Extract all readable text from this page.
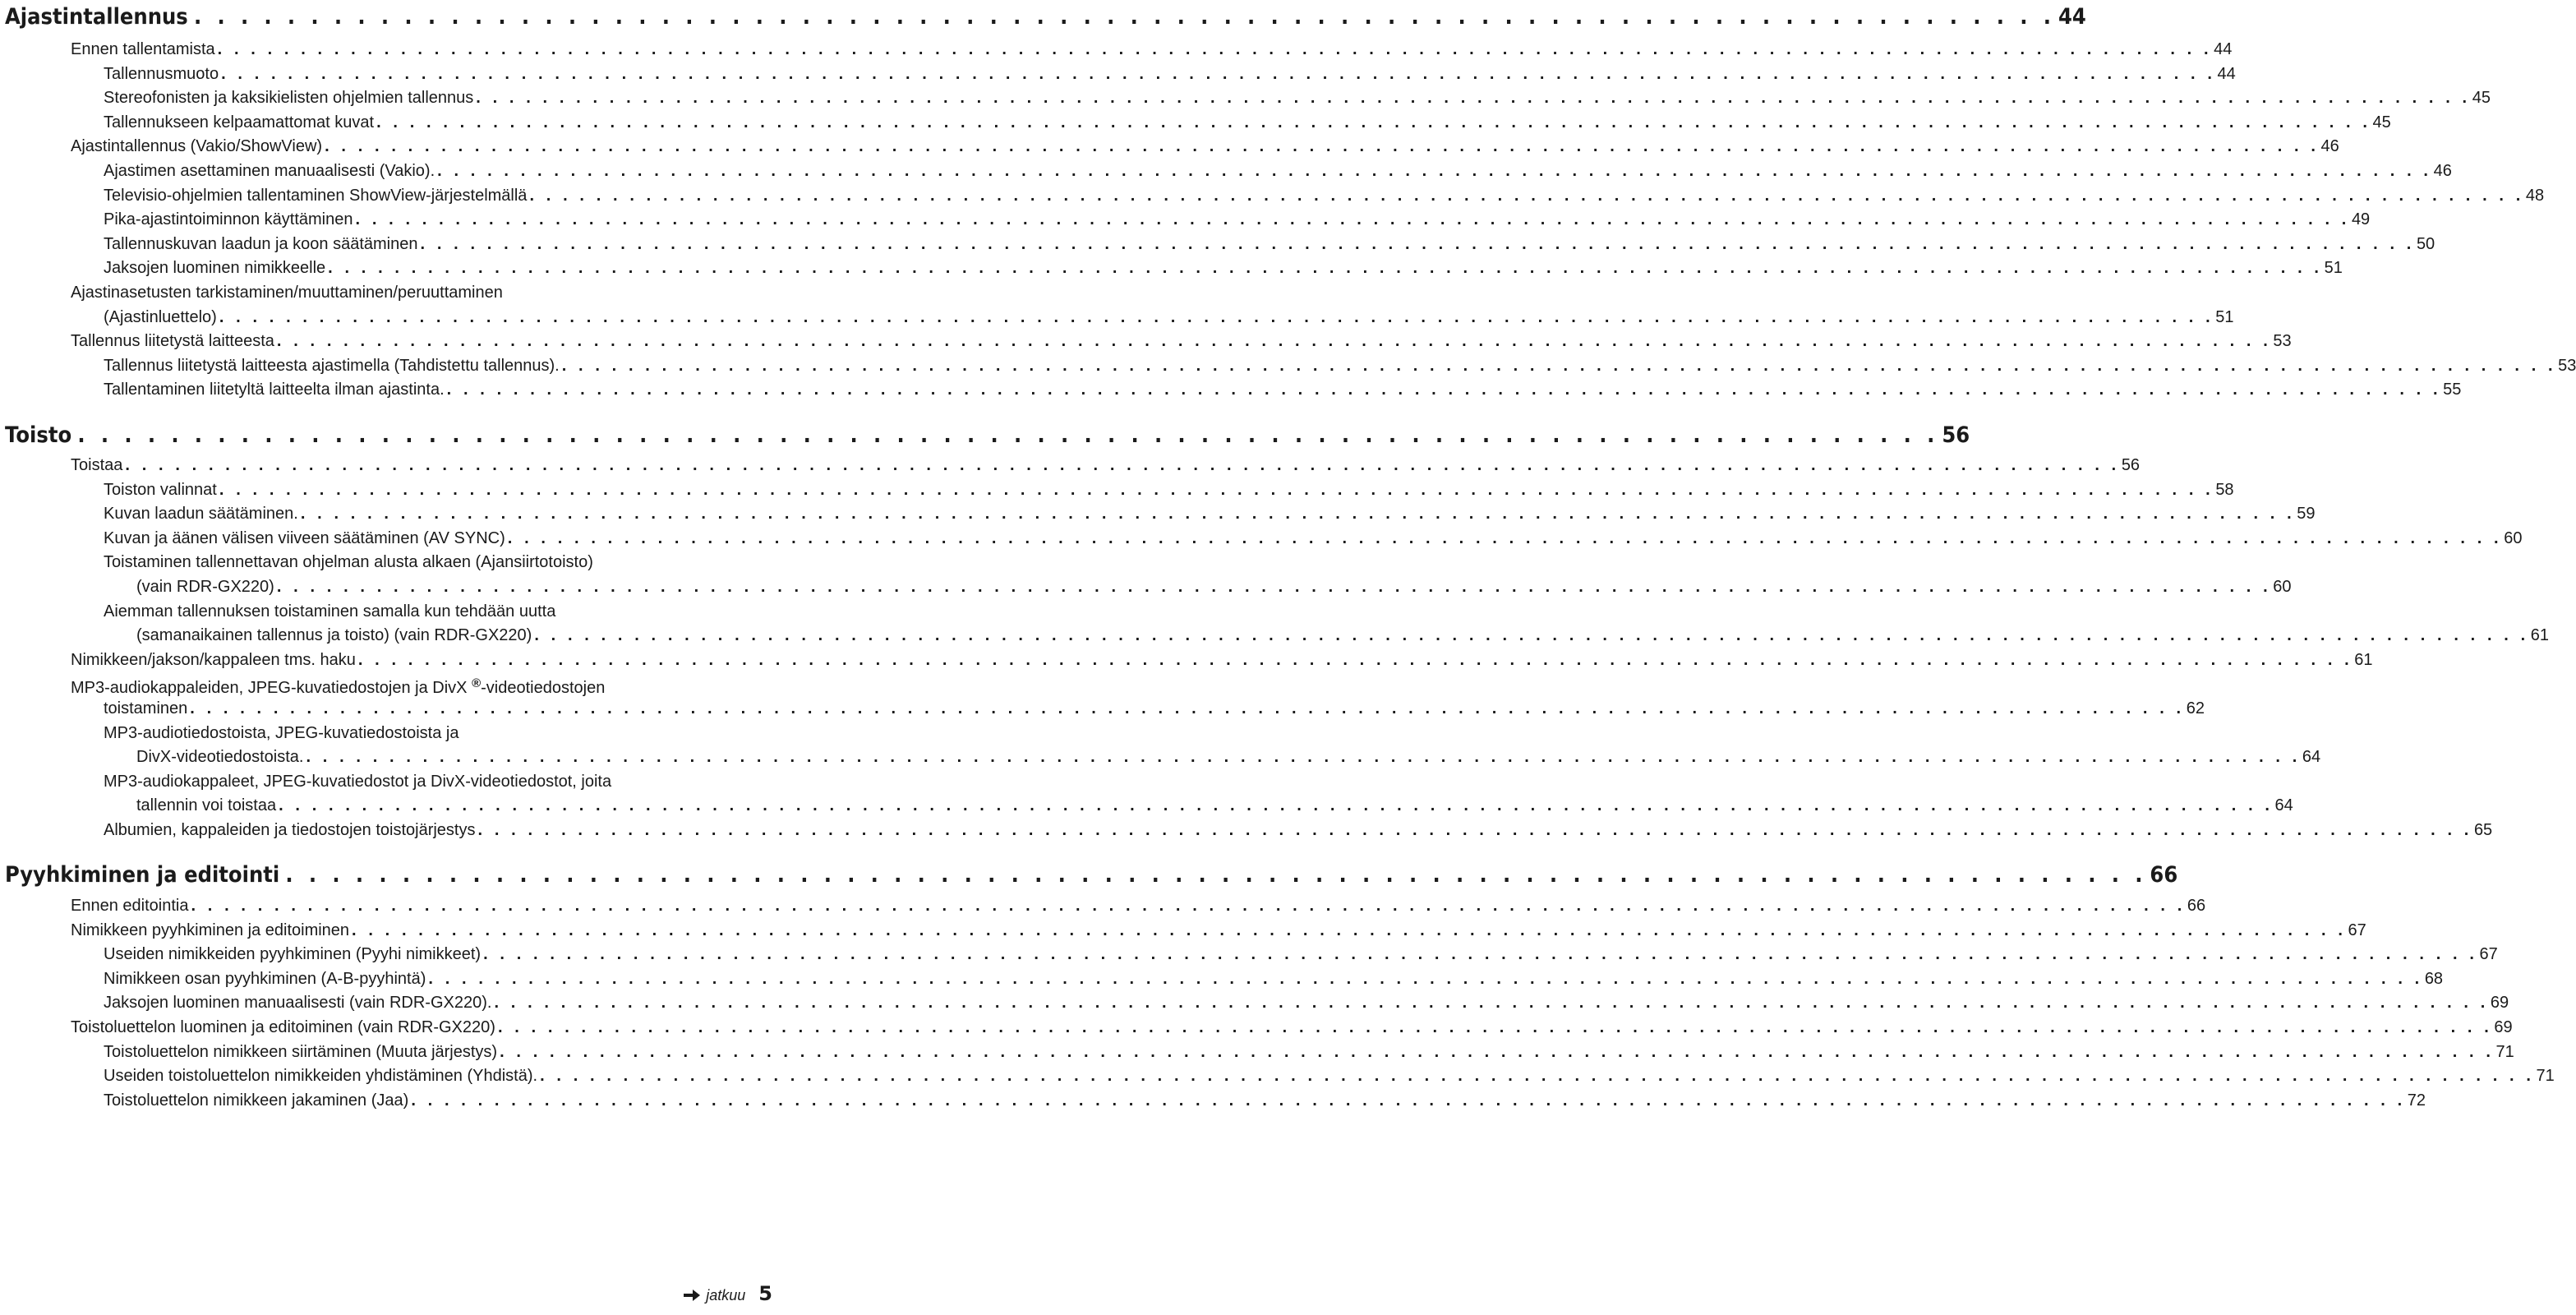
Ajastintallennus . . . . . . . . . . . . . . . . . . . . . . . . . . . . . . . . . . . . . . . . . . . . . . . . . . . . . . . . . . . . . . . . . . . . . . . . . . . . . . . . 44
Ennen tallentamista . . . . . . . . . . . . . . . . . . . . . . . . . . . . . . . . . . . . . . . . . . . . . . . . . . . . . . . . . . . . . . . . . . . . . . . . . . . . . . . . . . . . . . . . . . . . . . . . . . . . . . . . . . . . . . . . . . . . . . . . 44
Tallennusmuoto . . . . . . . . . . . . . . . . . . . . . . . . . . . . . . . . . . . . . . . . . . . . . . . . . . . . . . . . . . . . . . . . . . . . . . . . . . . . . . . . . . . . . . . . . . . . . . . . . . . . . . . . . . . . . . . . . . . . . . . . 44
Stereofonisten ja kaksikielisten ohjelmien tallennus . . . . . . . . . . . . . . . . . . . . . . . . . . . . . . . . . . . . . . . . . . . . . . . . . . . . . . . . . . . . . . . . . . . . . . . . . . . . . . . . . . . . . . . . . . . . . . . . . . . . . . . . . . . . . . . . . . . . . . . . 45
Tallennukseen kelpaamattomat kuvat . . . . . . . . . . . . . . . . . . . . . . . . . . . . . . . . . . . . . . . . . . . . . . . . . . . . . . . . . . . . . . . . . . . . . . . . . . . . . . . . . . . . . . . . . . . . . . . . . . . . . . . . . . . . . . . . . . . . . . . . 45
Ajastintallennus (Vakio/ShowView) . . . . . . . . . . . . . . . . . . . . . . . . . . . . . . . . . . . . . . . . . . . . . . . . . . . . . . . . . . . . . . . . . . . . . . . . . . . . . . . . . . . . . . . . . . . . . . . . . . . . . . . . . . . . . . . . . . . . . . . . 46
Ajastimen asettaminen manuaalisesti (Vakio). . . . . . . . . . . . . . . . . . . . . . . . . . . . . . . . . . . . . . . . . . . . . . . . . . . . . . . . . . . . . . . . . . . . . . . . . . . . . . . . . . . . . . . . . . . . . . . . . . . . . . . . . . . . . . . . . . . . . . . . . 46
Televisio-ohjelmien tallentaminen ShowView-järjestelmällä . . . . . . . . . . . . . . . . . . . . . . . . . . . . . . . . . . . . . . . . . . . . . . . . . . . . . . . . . . . . . . . . . . . . . . . . . . . . . . . . . . . . . . . . . . . . . . . . . . . . . . . . . . . . . . . . . . . . . . . . 48
Pika-ajastintoiminnon käyttäminen . . . . . . . . . . . . . . . . . . . . . . . . . . . . . . . . . . . . . . . . . . . . . . . . . . . . . . . . . . . . . . . . . . . . . . . . . . . . . . . . . . . . . . . . . . . . . . . . . . . . . . . . . . . . . . . . . . . . . . . . 49
Tallennuskuvan laadun ja koon säätäminen . . . . . . . . . . . . . . . . . . . . . . . . . . . . . . . . . . . . . . . . . . . . . . . . . . . . . . . . . . . . . . . . . . . . . . . . . . . . . . . . . . . . . . . . . . . . . . . . . . . . . . . . . . . . . . . . . . . . . . . . 50
Jaksojen luominen nimikkeelle . . . . . . . . . . . . . . . . . . . . . . . . . . . . . . . . . . . . . . . . . . . . . . . . . . . . . . . . . . . . . . . . . . . . . . . . . . . . . . . . . . . . . . . . . . . . . . . . . . . . . . . . . . . . . . . . . . . . . . . . 51
Ajastinasetusten tarkistaminen/muuttaminen/peruuttaminen
(Ajastinluettelo) . . . . . . . . . . . . . . . . . . . . . . . . . . . . . . . . . . . . . . . . . . . . . . . . . . . . . . . . . . . . . . . . . . . . . . . . . . . . . . . . . . . . . . . . . . . . . . . . . . . . . . . . . . . . . . . . . . . . . . . . 51
Tallennus liitetystä laitteesta . . . . . . . . . . . . . . . . . . . . . . . . . . . . . . . . . . . . . . . . . . . . . . . . . . . . . . . . . . . . . . . . . . . . . . . . . . . . . . . . . . . . . . . . . . . . . . . . . . . . . . . . . . . . . . . . . . . . . . . . 53
Tallennus liitetystä laitteesta ajastimella (Tahdistettu tallennus). . . . . . . . . . . . . . . . . . . . . . . . . . . . . . . . . . . . . . . . . . . . . . . . . . . . . . . . . . . . . . . . . . . . . . . . . . . . . . . . . . . . . . . . . . . . . . . . . . . . . . . . . . . . . . . . . . . . . . . . . 53
Tallentaminen liitetyltä laitteelta ilman ajastinta. . . . . . . . . . . . . . . . . . . . . . . . . . . . . . . . . . . . . . . . . . . . . . . . . . . . . . . . . . . . . . . . . . . . . . . . . . . . . . . . . . . . . . . . . . . . . . . . . . . . . . . . . . . . . . . . . . . . . . . . . 55
Toisto . . . . . . . . . . . . . . . . . . . . . . . . . . . . . . . . . . . . . . . . . . . . . . . . . . . . . . . . . . . . . . . . . . . . . . . . . . . . . . . . 56
Toistaa . . . . . . . . . . . . . . . . . . . . . . . . . . . . . . . . . . . . . . . . . . . . . . . . . . . . . . . . . . . . . . . . . . . . . . . . . . . . . . . . . . . . . . . . . . . . . . . . . . . . . . . . . . . . . . . . . . . . . . . . 56
Toiston valinnat . . . . . . . . . . . . . . . . . . . . . . . . . . . . . . . . . . . . . . . . . . . . . . . . . . . . . . . . . . . . . . . . . . . . . . . . . . . . . . . . . . . . . . . . . . . . . . . . . . . . . . . . . . . . . . . . . . . . . . . . 58
Kuvan laadun säätäminen. . . . . . . . . . . . . . . . . . . . . . . . . . . . . . . . . . . . . . . . . . . . . . . . . . . . . . . . . . . . . . . . . . . . . . . . . . . . . . . . . . . . . . . . . . . . . . . . . . . . . . . . . . . . . . . . . . . . . . . . . 59
Kuvan ja äänen välisen viiveen säätäminen (AV SYNC) . . . . . . . . . . . . . . . . . . . . . . . . . . . . . . . . . . . . . . . . . . . . . . . . . . . . . . . . . . . . . . . . . . . . . . . . . . . . . . . . . . . . . . . . . . . . . . . . . . . . . . . . . . . . . . . . . . . . . . . . 60
Toistaminen tallennettavan ohjelman alusta alkaen (Ajansiirtotoisto)
(vain RDR-GX220) . . . . . . . . . . . . . . . . . . . . . . . . . . . . . . . . . . . . . . . . . . . . . . . . . . . . . . . . . . . . . . . . . . . . . . . . . . . . . . . . . . . . . . . . . . . . . . . . . . . . . . . . . . . . . . . . . . . . . . . . 60
Aiemman tallennuksen toistaminen samalla kun tehdään uutta
(samanaikainen tallennus ja toisto) (vain RDR-GX220) . . . . . . . . . . . . . . . . . . . . . . . . . . . . . . . . . . . . . . . . . . . . . . . . . . . . . . . . . . . . . . . . . . . . . . . . . . . . . . . . . . . . . . . . . . . . . . . . . . . . . . . . . . . . . . . . . . . . . . . . 61
Nimikkeen/jakson/kappaleen tms. haku . . . . . . . . . . . . . . . . . . . . . . . . . . . . . . . . . . . . . . . . . . . . . . . . . . . . . . . . . . . . . . . . . . . . . . . . . . . . . . . . . . . . . . . . . . . . . . . . . . . . . . . . . . . . . . . . . . . . . . . . 61
MP3-audiokappaleiden, JPEG-kuvatiedostojen ja DivX ®-videotiedostojen
toistaminen . . . . . . . . . . . . . . . . . . . . . . . . . . . . . . . . . . . . . . . . . . . . . . . . . . . . . . . . . . . . . . . . . . . . . . . . . . . . . . . . . . . . . . . . . . . . . . . . . . . . . . . . . . . . . . . . . . . . . . . . 62
MP3-audiotiedostoista, JPEG-kuvatiedostoista ja
DivX-videotiedostoista. . . . . . . . . . . . . . . . . . . . . . . . . . . . . . . . . . . . . . . . . . . . . . . . . . . . . . . . . . . . . . . . . . . . . . . . . . . . . . . . . . . . . . . . . . . . . . . . . . . . . . . . . . . . . . . . . . . . . . . . . 64
MP3-audiokappaleet, JPEG-kuvatiedostot ja DivX-videotiedostot, joita
tallennin voi toistaa . . . . . . . . . . . . . . . . . . . . . . . . . . . . . . . . . . . . . . . . . . . . . . . . . . . . . . . . . . . . . . . . . . . . . . . . . . . . . . . . . . . . . . . . . . . . . . . . . . . . . . . . . . . . . . . . . . . . . . . . 64
Albumien, kappaleiden ja tiedostojen toistojärjestys . . . . . . . . . . . . . . . . . . . . . . . . . . . . . . . . . . . . . . . . . . . . . . . . . . . . . . . . . . . . . . . . . . . . . . . . . . . . . . . . . . . . . . . . . . . . . . . . . . . . . . . . . . . . . . . . . . . . . . . . 65
Pyyhkiminen ja editointi . . . . . . . . . . . . . . . . . . . . . . . . . . . . . . . . . . . . . . . . . . . . . . . . . . . . . . . . . . . . . . . . . . . . . . . . . . . . . . . . 66
Ennen editointia . . . . . . . . . . . . . . . . . . . . . . . . . . . . . . . . . . . . . . . . . . . . . . . . . . . . . . . . . . . . . . . . . . . . . . . . . . . . . . . . . . . . . . . . . . . . . . . . . . . . . . . . . . . . . . . . . . . . . . . . 66
Nimikkeen pyyhkiminen ja editoiminen . . . . . . . . . . . . . . . . . . . . . . . . . . . . . . . . . . . . . . . . . . . . . . . . . . . . . . . . . . . . . . . . . . . . . . . . . . . . . . . . . . . . . . . . . . . . . . . . . . . . . . . . . . . . . . . . . . . . . . . . 67
Useiden nimikkeiden pyyhkiminen (Pyyhi nimikkeet) . . . . . . . . . . . . . . . . . . . . . . . . . . . . . . . . . . . . . . . . . . . . . . . . . . . . . . . . . . . . . . . . . . . . . . . . . . . . . . . . . . . . . . . . . . . . . . . . . . . . . . . . . . . . . . . . . . . . . . . . 67
Nimikkeen osan pyyhkiminen (A-B-pyyhintä) . . . . . . . . . . . . . . . . . . . . . . . . . . . . . . . . . . . . . . . . . . . . . . . . . . . . . . . . . . . . . . . . . . . . . . . . . . . . . . . . . . . . . . . . . . . . . . . . . . . . . . . . . . . . . . . . . . . . . . . . 68
Jaksojen luominen manuaalisesti (vain RDR-GX220). . . . . . . . . . . . . . . . . . . . . . . . . . . . . . . . . . . . . . . . . . . . . . . . . . . . . . . . . . . . . . . . . . . . . . . . . . . . . . . . . . . . . . . . . . . . . . . . . . . . . . . . . . . . . . . . . . . . . . . . . 69
Toistoluettelon luominen ja editoiminen (vain RDR-GX220) . . . . . . . . . . . . . . . . . . . . . . . . . . . . . . . . . . . . . . . . . . . . . . . . . . . . . . . . . . . . . . . . . . . . . . . . . . . . . . . . . . . . . . . . . . . . . . . . . . . . . . . . . . . . . . . . . . . . . . . . 69
Toistoluettelon nimikkeen siirtäminen (Muuta järjestys) . . . . . . . . . . . . . . . . . . . . . . . . . . . . . . . . . . . . . . . . . . . . . . . . . . . . . . . . . . . . . . . . . . . . . . . . . . . . . . . . . . . . . . . . . . . . . . . . . . . . . . . . . . . . . . . . . . . . . . . . 71
Useiden toistoluettelon nimikkeiden yhdistäminen (Yhdistä). . . . . . . . . . . . . . . . . . . . . . . . . . . . . . . . . . . . . . . . . . . . . . . . . . . . . . . . . . . . . . . . . . . . . . . . . . . . . . . . . . . . . . . . . . . . . . . . . . . . . . . . . . . . . . . . . . . . . . . . . 71
Toistoluettelon nimikkeen jakaminen (Jaa) . . . . . . . . . . . . . . . . . . . . . . . . . . . . . . . . . . . . . . . . . . . . . . . . . . . . . . . . . . . . . . . . . . . . . . . . . . . . . . . . . . . . . . . . . . . . . . . . . . . . . . . . . . . . . . . . . . . . . . . . 72
jatkuu 5
